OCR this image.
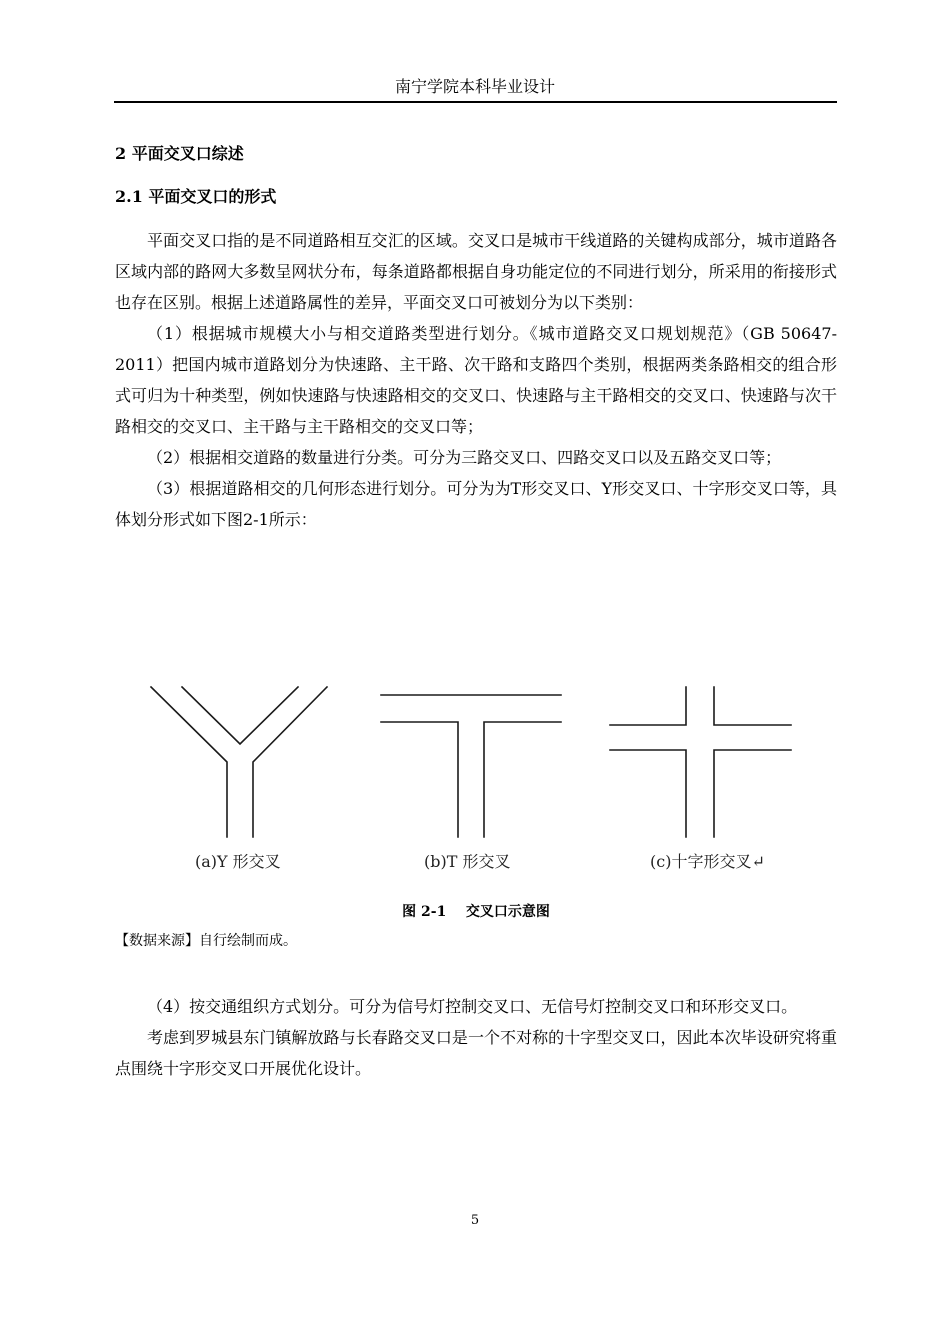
南宁学院本科毕业设计
2 平面交叉口综述
2.1 平面交叉口的形式

平面交叉口指的是不同道路相互交汇的区域。交叉口是城市干线道路的关键构成部分，城市道路各区域内部的路网大多数呈网状分布，每条道路都根据自身功能定位的不同进行划分，所采用的衔接形式也存在区别。根据上述道路属性的差异，平面交叉口可被划分为以下类别：

（1）根据城市规模大小与相交道路类型进行划分。《城市道路交叉口规划规范》（GB 50647-2011）把国内城市道路划分为快速路、主干路、次干路和支路四个类别，根据两类条路相交的组合形式可归为十种类型，例如快速路与快速路相交的交叉口、快速路与主干路相交的交叉口、快速路与次干路相交的交叉口、主干路与主干路相交的交叉口等；

（2）根据相交道路的数量进行分类。可分为三路交叉口、四路交叉口以及五路交叉口等；

（3）根据道路相交的几何形态进行划分。可分为为T形交叉口、Y形交叉口、十字形交叉口等，具体划分形式如下图2-1所示：

(a)Y 形交叉	(b)T 形交叉	(c)十字形交叉↵
图 2-1    交叉口示意图
【数据来源】自行绘制而成。

（4）按交通组织方式划分。可分为信号灯控制交叉口、无信号灯控制交叉口和环形交叉口。

考虑到罗城县东门镇解放路与长春路交叉口是一个不对称的十字型交叉口，因此本次毕设研究将重点围绕十字形交叉口开展优化设计。

5
